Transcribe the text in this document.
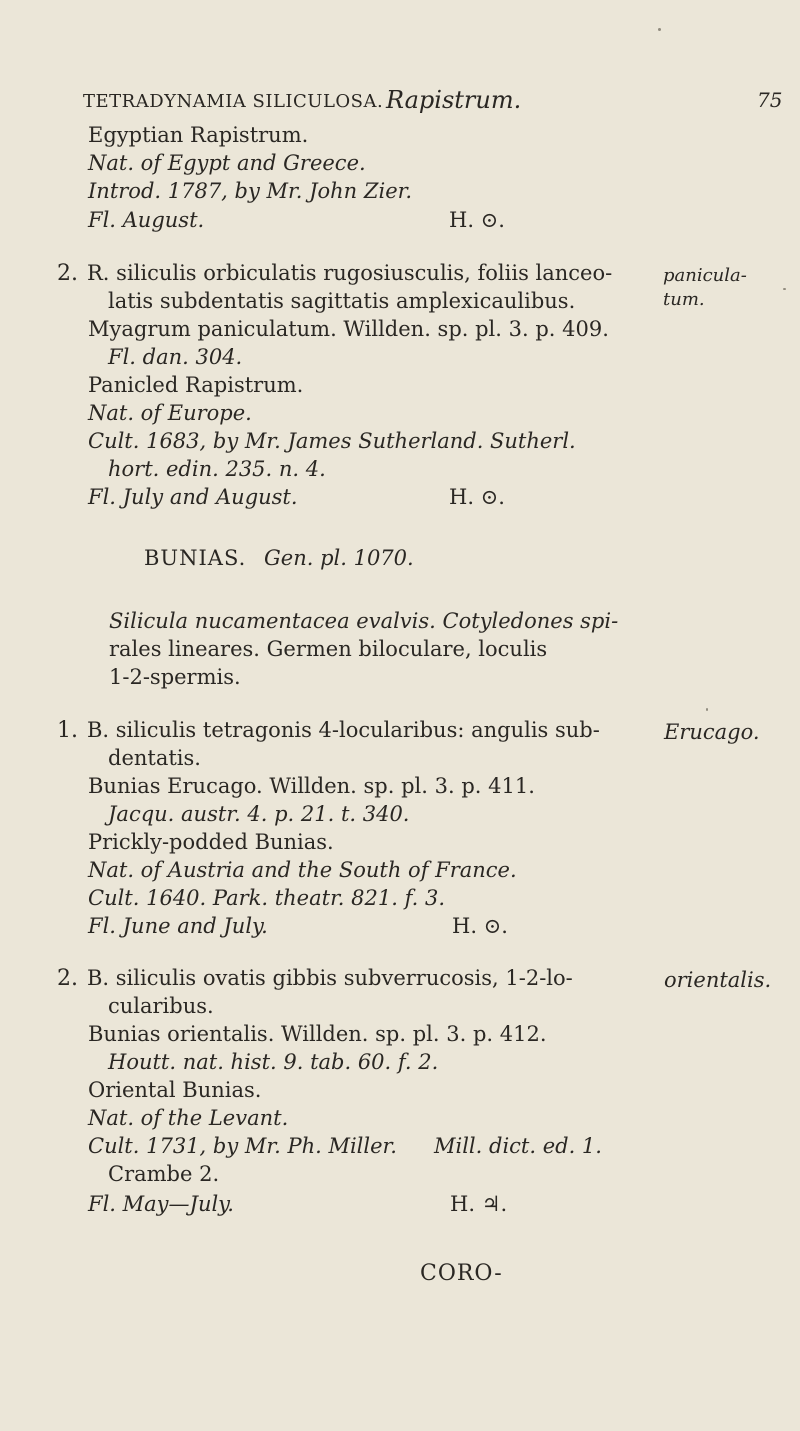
TETRADYNAMIA SILICULOSA. Rapistrum.	75
Egyptian Rapistrum.
Nat. of Egypt and Greece.
Introd. 1787, by Mr. John Zier.
Fl. August.	H. ⊙.
2. R. siliculis orbiculatis rugosiusculis, foliis lanceo-
latis subdentatis sagittatis amplexicaulibus.
Myagrum paniculatum. Willden. sp. pl. 3. p. 409.
Fl. dan. 304.
Panicled Rapistrum.
Nat. of Europe.
Cult. 1683, by Mr. James Sutherland. Sutherl.
hort. edin. 235. n. 4.
Fl. July and August.	H. ⊙.
panicula-
tum.
BUNIAS. Gen. pl. 1070.
Silicula nucamentacea evalvis. Cotyledones spi-
rales lineares. Germen biloculare, loculis
1-2-spermis.
1. B. siliculis tetragonis 4-locularibus: angulis sub-
dentatis.
Bunias Erucago. Willden. sp. pl. 3. p. 411.
Jacqu. austr. 4. p. 21. t. 340.
Prickly-podded Bunias.
Nat. of Austria and the South of France.
Cult. 1640. Park. theatr. 821. f. 3.
Fl. June and July.	H. ⊙.
Erucago.
2. B. siliculis ovatis gibbis subverrucosis, 1-2-lo-
cularibus.
Bunias orientalis. Willden. sp. pl. 3. p. 412.
Houtt. nat. hist. 9. tab. 60. f. 2.
Oriental Bunias.
Nat. of the Levant.
Cult. 1731, by Mr. Ph. Miller. Mill. dict. ed. 1.
Crambe 2.
Fl. May—July.	H. ♃.
orientalis.
CORO-
